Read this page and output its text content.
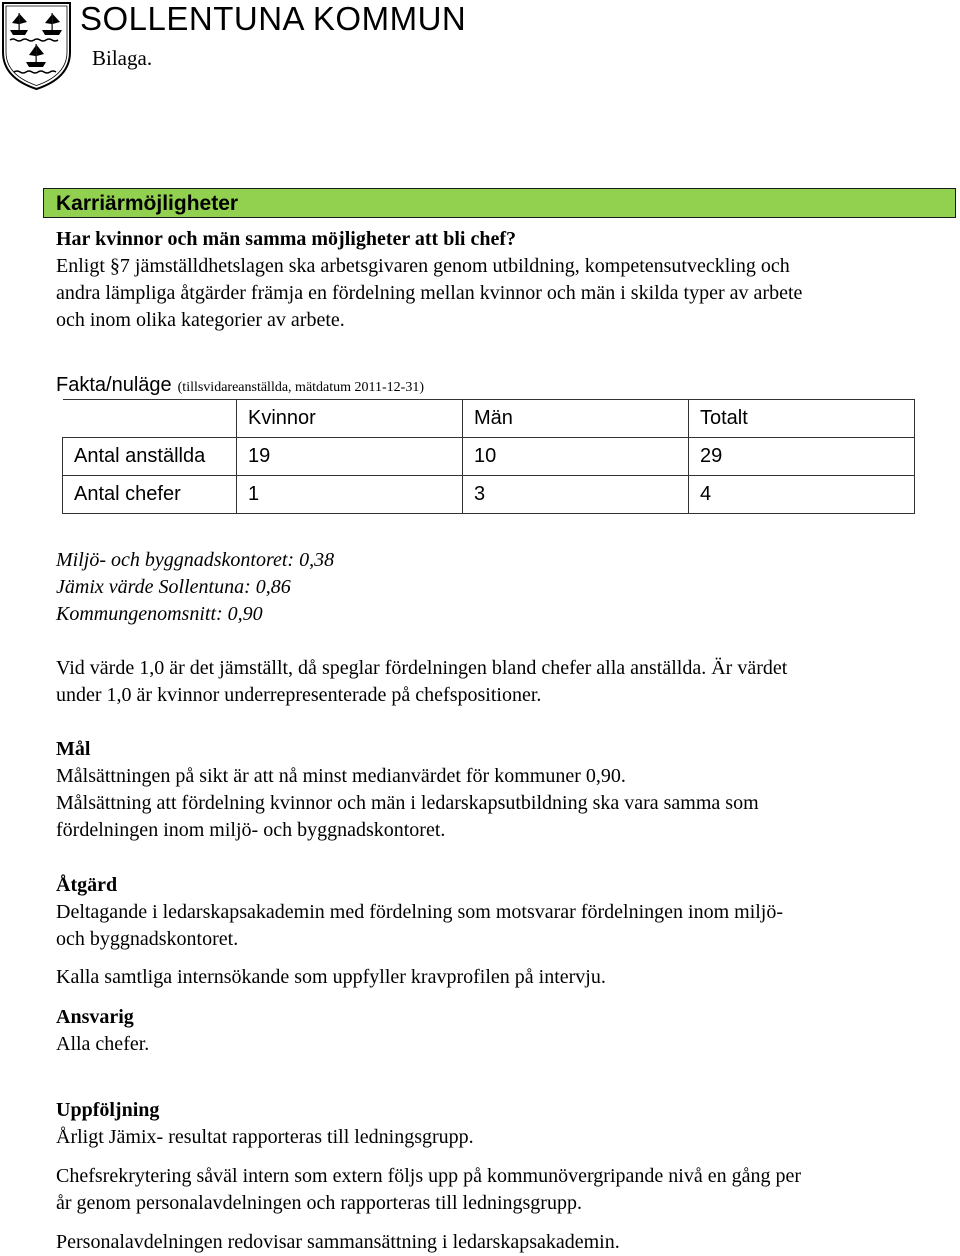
SOLLENTUNA KOMMUN
Bilaga.
Karriärmöjligheter
Har kvinnor och män samma möjligheter att bli chef?
Enligt §7 jämställdhetslagen ska arbetsgivaren genom utbildning, kompetensutveckling och
andra lämpliga åtgärder främja en fördelning mellan kvinnor och män i skilda typer av arbete
och inom olika kategorier av arbete.
Fakta/nuläge (tillsvidareanställda, mätdatum 2011-12-31)
	Kvinnor	Män	Totalt
Antal anställda	19	10	29
Antal chefer	1	3	4
Miljö- och byggnadskontoret: 0,38
Jämix värde Sollentuna: 0,86
Kommungenomsnitt: 0,90
Vid värde 1,0 är det jämställt, då speglar fördelningen bland chefer alla anställda. Är värdet
under 1,0 är kvinnor underrepresenterade på chefspositioner.
Mål
Målsättningen på sikt är att nå minst medianvärdet för kommuner 0,90.
Målsättning att fördelning kvinnor och män i ledarskapsutbildning ska vara samma som
fördelningen inom miljö- och byggnadskontoret.
Åtgärd
Deltagande i ledarskapsakademin med fördelning som motsvarar fördelningen inom miljö-
och byggnadskontoret.
Kalla samtliga internsökande som uppfyller kravprofilen på intervju.
Ansvarig
Alla chefer.
Uppföljning
Årligt Jämix- resultat rapporteras till ledningsgrupp.
Chefsrekrytering såväl intern som extern följs upp på kommunövergripande nivå en gång per
år genom personalavdelningen och rapporteras till ledningsgrupp.
Personalavdelningen redovisar sammansättning i ledarskapsakademin.
